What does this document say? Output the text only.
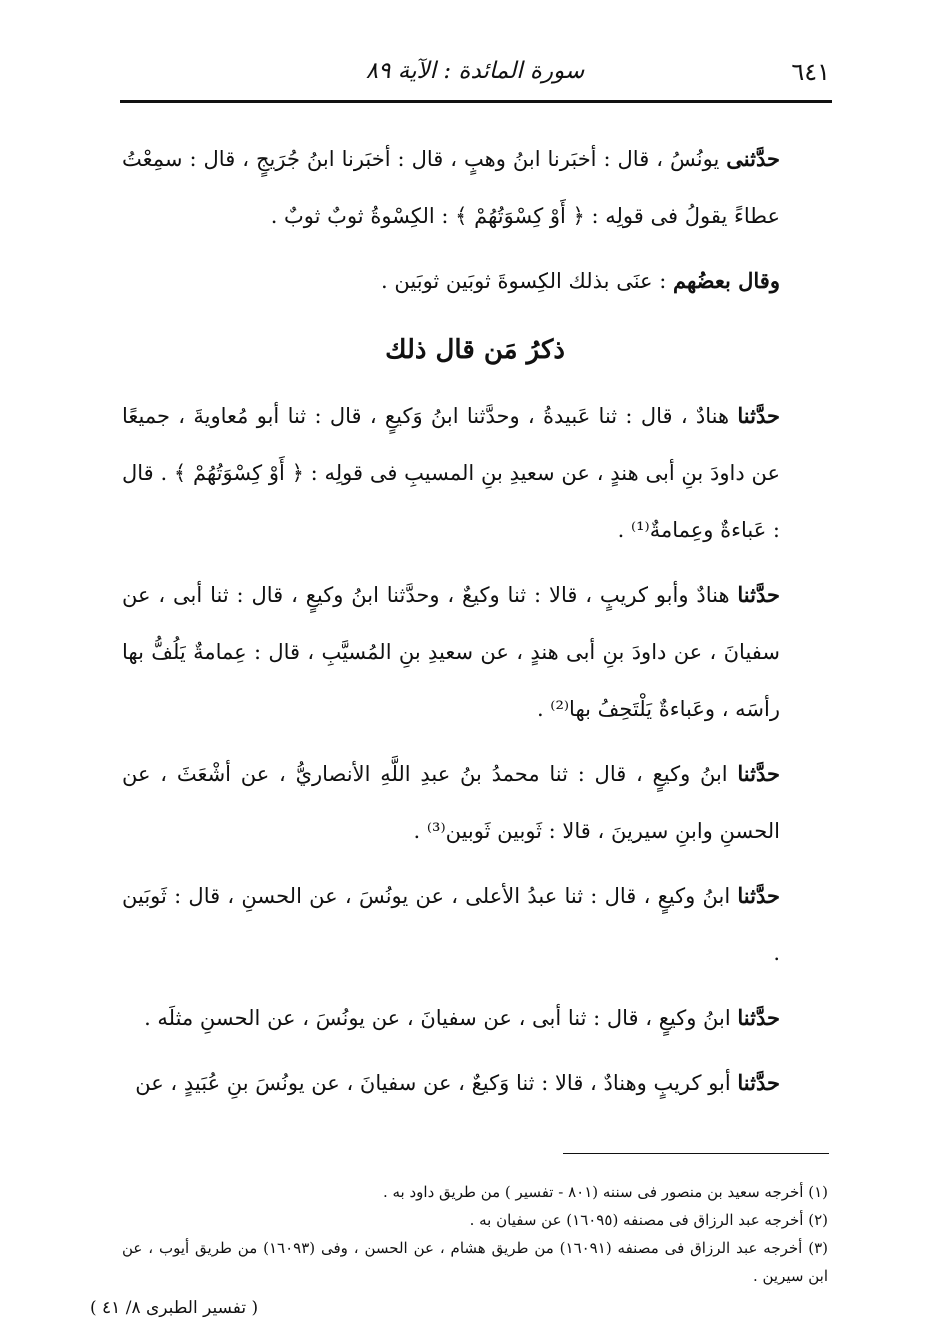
٦٤١
سورة المائدة : الآية ٨٩

حدَّثنى يونُسُ ، قال : أخبَرنا ابنُ وهبٍ ، قال : أخبَرنا ابنُ جُرَيجٍ ، قال : سمِعْتُ عطاءً يقولُ فى قولِه : ﴿ أَوْ كِسْوَتُهُمْ ﴾ : الكِسْوةُ ثوبٌ ثوبٌ .

وقال بعضُهم : عنَى بذلك الكِسوةَ ثوبَين ثوبَين .

ذكرُ مَن قال ذلك

حدَّثنا هنادٌ ، قال : ثنا عَبيدةُ ، وحدَّثنا ابنُ وَكيعٍ ، قال : ثنا أبو مُعاويةَ ، جميعًا عن داودَ بنِ أبى هندٍ ، عن سعيدِ بنِ المسيبِ فى قولِه : ﴿ أَوْ كِسْوَتُهُمْ ﴾ . قال : عَباءةٌ وعِمامةٌ⁽¹⁾ .

حدَّثنا هنادٌ وأبو كريبٍ ، قالا : ثنا وكيعٌ ، وحدَّثنا ابنُ وكيعٍ ، قال : ثنا أبى ، عن سفيانَ ، عن داودَ بنِ أبى هندٍ ، عن سعيدِ بنِ المُسيَّبِ ، قال : عِمامةٌ يَلُفُّ بها رأسَه ، وعَباءةٌ يَلْتَحِفُ بها⁽²⁾ .

حدَّثنا ابنُ وكيعٍ ، قال : ثنا محمدُ بنُ عبدِ اللَّهِ الأنصاريُّ ، عن أشْعَثَ ، عن الحسنِ وابنِ سيرينَ ، قالا : ثَوبين ثَوبين⁽³⁾ .

حدَّثنا ابنُ وكيعٍ ، قال : ثنا عبدُ الأعلى ، عن يونُسَ ، عن الحسنِ ، قال : ثَوبَين .

حدَّثنا ابنُ وكيعٍ ، قال : ثنا أبى ، عن سفيانَ ، عن يونُسَ ، عن الحسنِ مثلَه .

حدَّثنا أبو كريبٍ وهنادٌ ، قالا : ثنا وَكيعٌ ، عن سفيانَ ، عن يونُسَ بنِ عُبَيدٍ ، عن

(١) أخرجه سعيد بن منصور فى سننه (٨٠١ - تفسير ) من طريق داود به .

(٢) أخرجه عبد الرزاق فى مصنفه (١٦٠٩٥) عن سفيان به .

(٣) أخرجه عبد الرزاق فى مصنفه (١٦٠٩١) من طريق هشام ، عن الحسن ، وفى (١٦٠٩٣) من طريق أيوب ، عن ابن سيرين .

( تفسير الطبرى ٨/ ٤١ )
